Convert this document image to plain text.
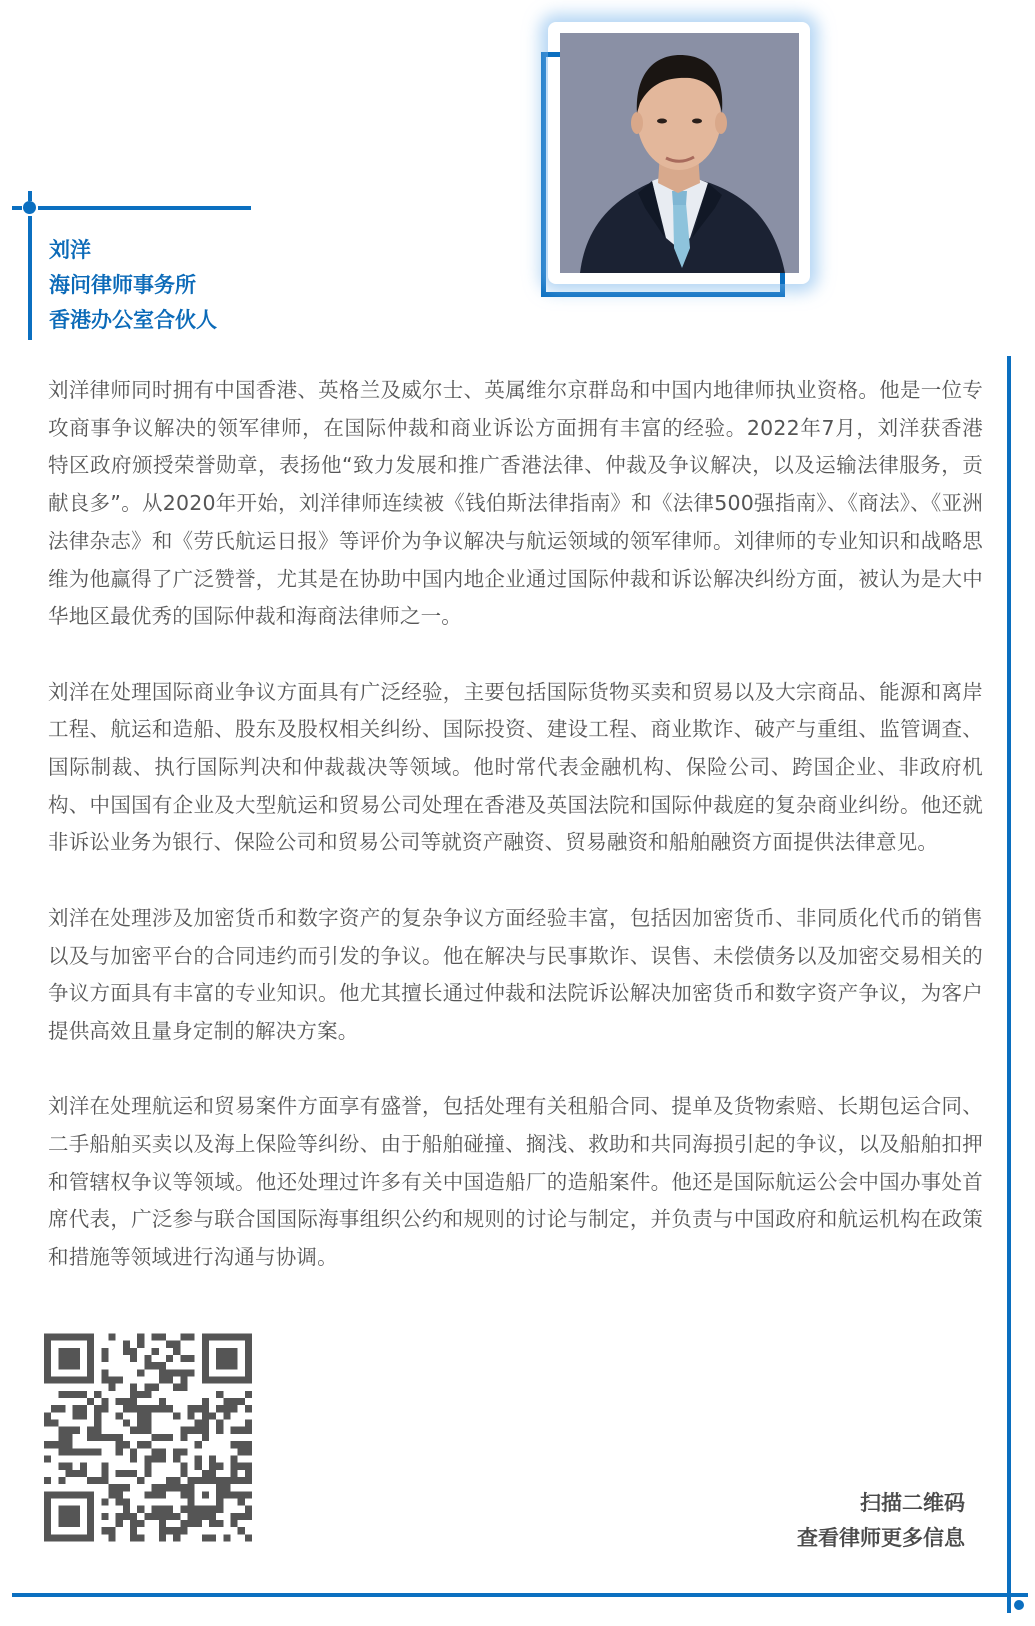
刘洋
海问律师事务所
香港办公室合伙人

刘洋律师同时拥有中国香港、英格兰及威尔士、英属维尔京群岛和中国内地律师执业资格。他是一位专攻商事争议解决的领军律师，在国际仲裁和商业诉讼方面拥有丰富的经验。2022年7月，刘洋获香港特区政府颁授荣誉勋章，表扬他“致力发展和推广香港法律、仲裁及争议解决，以及运输法律服务，贡献良多”。从2020年开始，刘洋律师连续被《钱伯斯法律指南》和《法律500强指南》、《商法》、《亚洲法律杂志》和《劳氏航运日报》等评价为争议解决与航运领域的领军律师。刘律师的专业知识和战略思维为他赢得了广泛赞誉，尤其是在协助中国内地企业通过国际仲裁和诉讼解决纠纷方面，被认为是大中华地区最优秀的国际仲裁和海商法律师之一。

刘洋在处理国际商业争议方面具有广泛经验，主要包括国际货物买卖和贸易以及大宗商品、能源和离岸工程、航运和造船、股东及股权相关纠纷、国际投资、建设工程、商业欺诈、破产与重组、监管调查、国际制裁、执行国际判决和仲裁裁决等领域。他时常代表金融机构、保险公司、跨国企业、非政府机构、中国国有企业及大型航运和贸易公司处理在香港及英国法院和国际仲裁庭的复杂商业纠纷。他还就非诉讼业务为银行、保险公司和贸易公司等就资产融资、贸易融资和船舶融资方面提供法律意见。

刘洋在处理涉及加密货币和数字资产的复杂争议方面经验丰富，包括因加密货币、非同质化代币的销售以及与加密平台的合同违约而引发的争议。他在解决与民事欺诈、误售、未偿债务以及加密交易相关的争议方面具有丰富的专业知识。他尤其擅长通过仲裁和法院诉讼解决加密货币和数字资产争议，为客户提供高效且量身定制的解决方案。

刘洋在处理航运和贸易案件方面享有盛誉，包括处理有关租船合同、提单及货物索赔、长期包运合同、二手船舶买卖以及海上保险等纠纷、由于船舶碰撞、搁浅、救助和共同海损引起的争议，以及船舶扣押和管辖权争议等领域。他还处理过许多有关中国造船厂的造船案件。他还是国际航运公会中国办事处首席代表，广泛参与联合国国际海事组织公约和规则的讨论与制定，并负责与中国政府和航运机构在政策和措施等领域进行沟通与协调。

扫描二维码
查看律师更多信息
